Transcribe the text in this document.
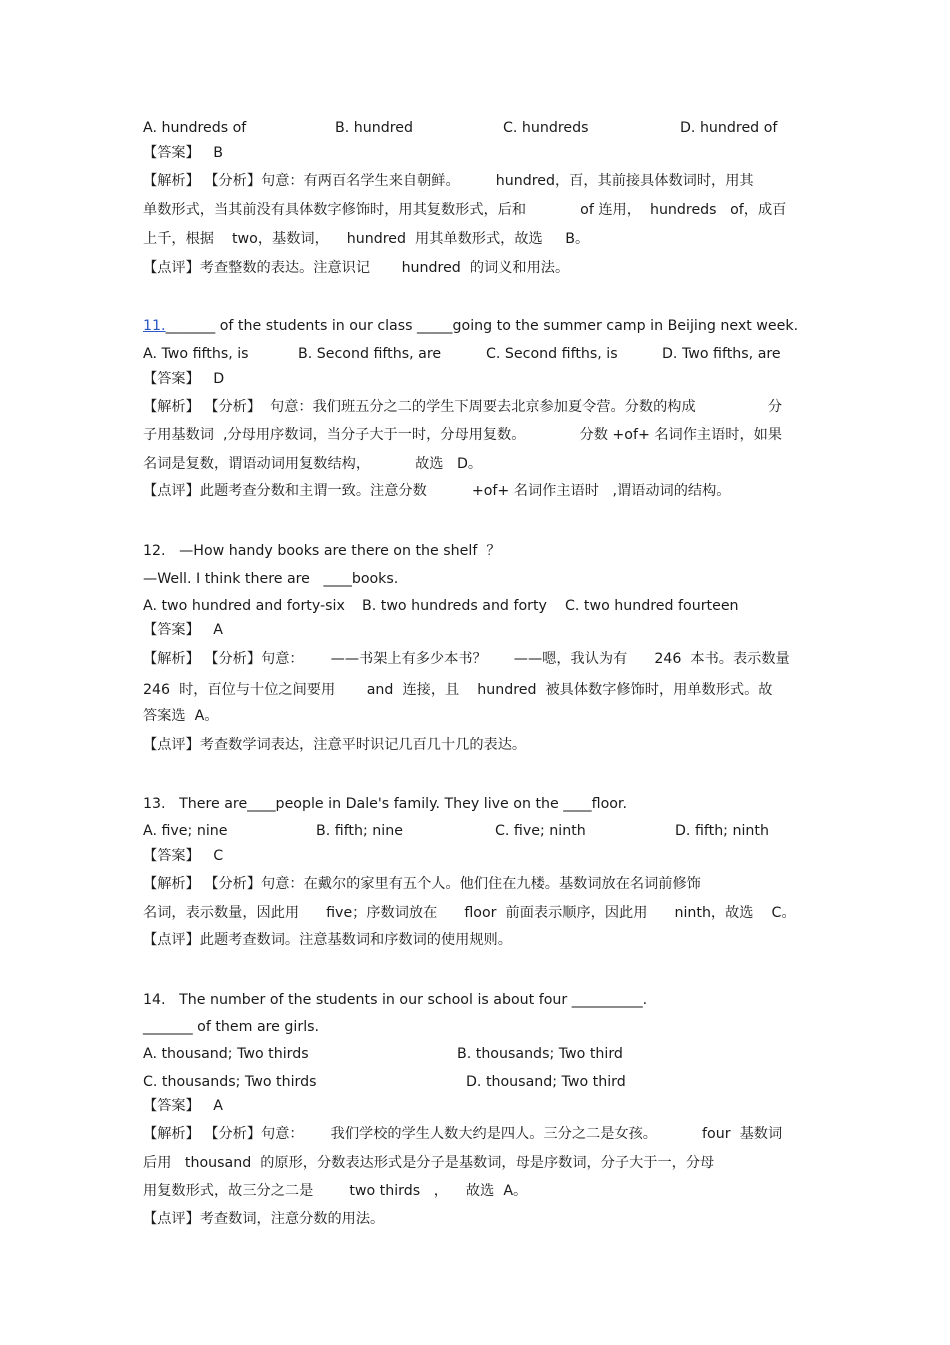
A. hundreds of	B. hundred	C. hundreds	D. hundred of
【答案】   B
【解析】 【分析】句意：有两百名学生来自朝鲜。        hundred，百，其前接具体数词时，用其
单数形式，当其前没有具体数字修饰时，用其复数形式，后和            of 连用，  hundreds   of，成百
上千，根据    two，基数词，    hundred  用其单数形式，故选     B。
【点评】考查整数的表达。注意识记       hundred  的词义和用法。
11._______ of the students in our class _____going to the summer camp in Beijing next week.
A. Two fifths, is	B. Second fifths, are	C. Second fifths, is	D. Two fifths, are
【答案】   D
【解析】 【分析】  句意：我们班五分之二的学生下周要去北京参加夏令营。分数的构成                分
子用基数词  ,分母用序数词，当分子大于一时，分母用复数。            分数 +of+ 名词作主语时，如果
名词是复数，谓语动词用复数结构，          故选   D。
【点评】此题考查分数和主谓一致。注意分数          +of+ 名词作主语时   ,谓语动词的结构。
12.   —How handy books are there on the shelf  ？
—Well. I think there are   ____books.
A. two hundred and forty-six B. two hundreds and forty C. two hundred fourteen
【答案】   A
【解析】 【分析】句意：      ——书架上有多少本书？      ——嗯，我认为有      246  本书。表示数量
246  时，百位与十位之间要用       and  连接，且    hundred  被具体数字修饰时，用单数形式。故
答案选  A。
【点评】考查数学词表达，注意平时识记几百几十几的表达。
13.   There are____people in Dale's family. They live on the ____floor.
A. five; nine	B. fifth; nine	C. five; ninth	D. fifth; ninth
【答案】   C
【解析】 【分析】句意：在戴尔的家里有五个人。他们住在九楼。基数词放在名词前修饰
名词，表示数量，因此用      five；序数词放在      floor  前面表示顺序，因此用      ninth，故选    C。
【点评】此题考查数词。注意基数词和序数词的使用规则。
14.   The number of the students in our school is about four __________.
_______ of them are girls.
A. thousand; Two thirds	B. thousands; Two third
C. thousands; Two thirds	D. thousand; Two third
【答案】   A
【解析】 【分析】句意：      我们学校的学生人数大约是四人。三分之二是女孩。          four  基数词
后用   thousand  的原形，分数表达形式是分子是基数词，母是序数词，分子大于一，分母
用复数形式，故三分之二是        two thirds   ，    故选  A。
【点评】考查数词，注意分数的用法。
